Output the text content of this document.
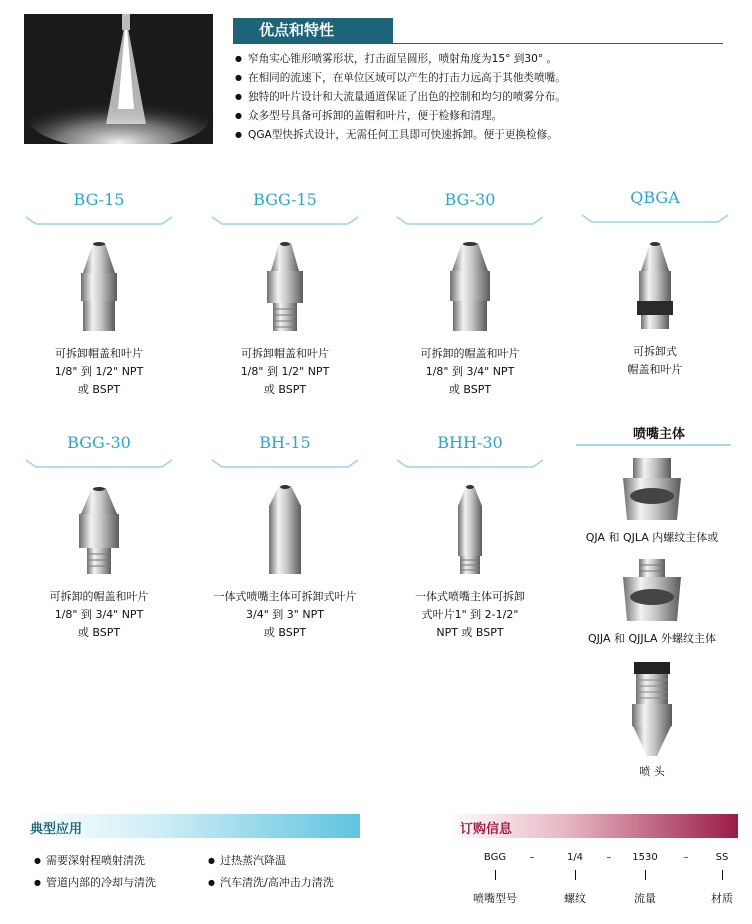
优点和特性
● 窄角实心锥形喷雾形状，打击面呈圆形，喷射角度为15° 到30° 。
● 在相同的流速下，在单位区域可以产生的打击力远高于其他类喷嘴。
● 独特的叶片设计和大流量通道保证了出色的控制和均匀的喷雾分布。
● 众多型号具备可拆卸的盖帽和叶片，便于检修和清理。
● QGA型快拆式设计，无需任何工具即可快速拆卸。便于更换检修。
BG-15

可拆卸帽盖和叶片
1/8" 到 1/2" NPT
或 BSPT
BGG-15

可拆卸帽盖和叶片
1/8" 到 1/2" NPT
或 BSPT
BG-30

可拆卸的帽盖和叶片
1/8" 到 3/4" NPT
或 BSPT
QBGA

可拆卸式
帽盖和叶片
BGG-30

可拆卸的帽盖和叶片
1/8" 到 3/4" NPT
或 BSPT
BH-15

一体式喷嘴主体可拆卸式叶片
3/4" 到 3" NPT
或 BSPT
BHH-30

一体式喷嘴主体可拆卸
式叶片1" 到 2-1/2"
NPT 或 BSPT
喷嘴主体
QJA 和 QJLA 内螺纹主体或
QJJA 和 QJJLA 外螺纹主体
喷 头
典型应用
● 需要深射程喷射清洗
● 管道内部的冷却与清洗
● 过热蒸汽降温
● 汽车清洗/高冲击力清洗
订购信息
BGG	–	1/4	–	1530	–	SS
喷嘴型号	螺纹	流量	材质
